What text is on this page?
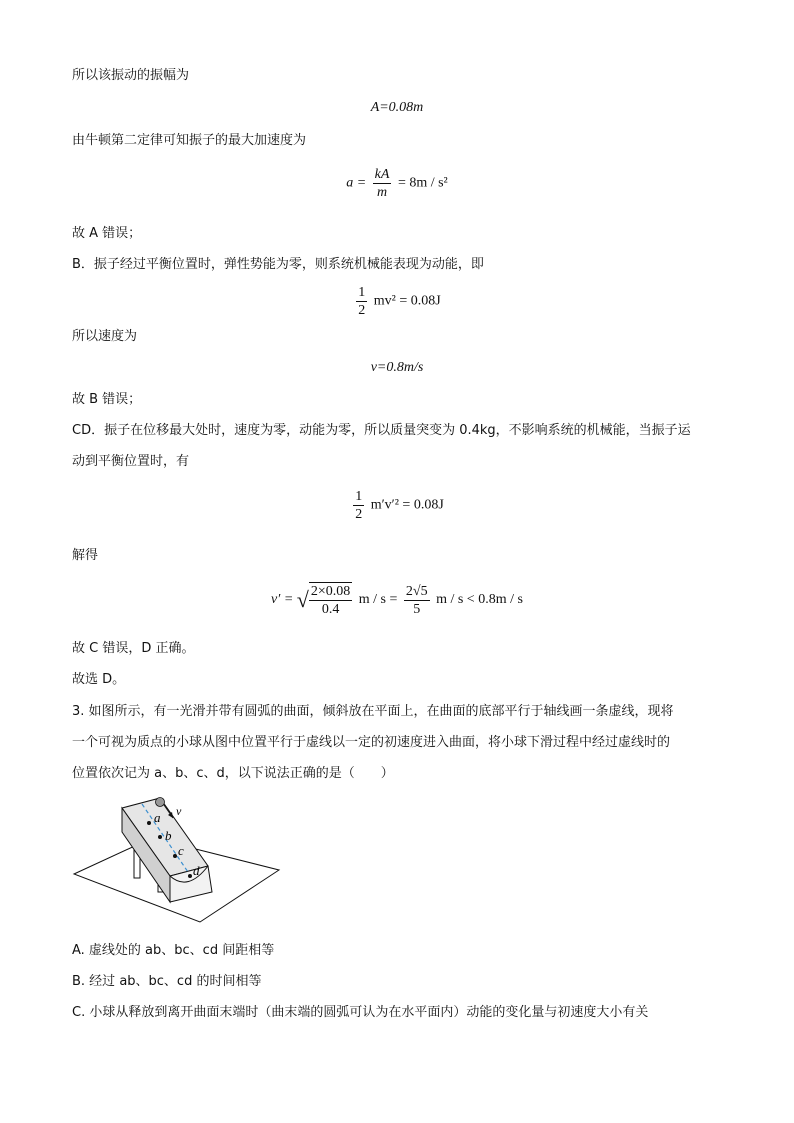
所以该振动的振幅为
A=0.08m
由牛顿第二定律可知振子的最大加速度为
$a = \frac{kA}{m} = 8m / s^2$
故 A 错误；
B．振子经过平衡位置时，弹性势能为零，则系统机械能表现为动能，即
$\frac{1}{2} mv^2 = 0.08J$
所以速度为
v=0.8m/s
故 B 错误；
CD．振子在位移最大处时，速度为零，动能为零，所以质量突变为 0.4kg，不影响系统的机械能，当振子运
动到平衡位置时，有
$\frac{1}{2} m'v'^2 = 0.08J$
解得
v′ = √ $\frac{2\times 0.08}{0.4}$ $m / s = \frac{2√5}{5}$ m / s < 0.8m / s
故 C 错误，D 正确。
故选 D。
3. 如图所示，有一光滑并带有圆弧的曲面，倾斜放在平面上，在曲面的底部平行于轴线画一条虚线，现将
一个可视为质点的小球从图中位置平行于虚线以一定的初速度进入曲面，将小球下滑过程中经过虚线时的
位置依次记为 a、b、c、d，以下说法正确的是（　　）
v
a
b
c
d
A. 虚线处的 ab、bc、cd 间距相等
B. 经过 ab、bc、cd 的时间相等
C. 小球从释放到离开曲面末端时（曲末端的圆弧可认为在水平面内）动能的变化量与初速度大小有关
